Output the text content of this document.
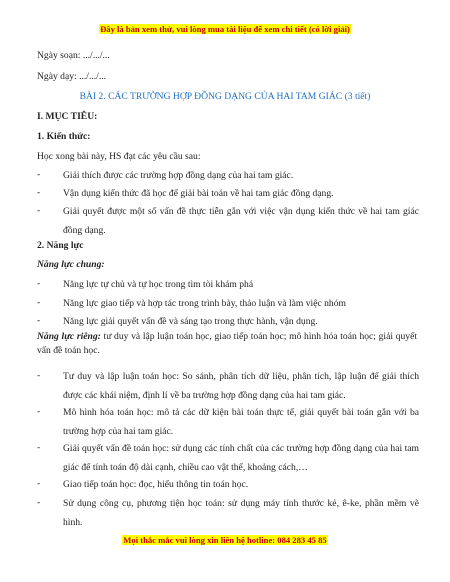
Đây là bản xem thử, vui lòng mua tài liệu để xem chi tiết (có lời giải)
Ngày soạn: .../.../...
Ngày dạy: .../.../...
BÀI 2. CÁC TRƯỜNG HỢP ĐỒNG DẠNG CỦA HAI TAM GIÁC (3 tiết)
I. MỤC TIÊU:
1. Kiến thức:
Học xong bài này, HS đạt các yêu cầu sau:
-	Giải thích được các trường hợp đồng dạng của hai tam giác.
-	Vận dụng kiến thức đã học để giải bài toán về hai tam giác đồng dạng.
-	Giải quyết được một số vấn đề thực tiễn gắn với việc vận dụng kiến thức về hai tam giác đồng dạng.
2. Năng lực
Năng lực chung:
-	Năng lực tự chủ và tự học trong tìm tòi khám phá
-	Năng lực giao tiếp và hợp tác trong trình bày, thảo luận và làm việc nhóm
-	Năng lực giải quyết vấn đề và sáng tạo trong thực hành, vận dụng.
Năng lực riêng: tư duy và lập luận toán học, giao tiếp toán học; mô hình hóa toán học; giải quyết vấn đề toán học.
-	Tư duy và lập luận toán học: So sánh, phân tích dữ liệu, phân tích, lập luận để giải thích được các khái niệm, định lí về ba trường hợp đồng dạng của hai tam giác.
-	Mô hình hóa toán học: mô tả các dữ kiện bài toán thực tế, giải quyết bài toán gắn với ba trường hợp của hai tam giác.
-	Giải quyết vấn đề toán học: sử dụng các tính chất của các trường hợp đồng dạng của hai tam giác để tính toán độ dài cạnh, chiều cao vật thể, khoảng cách,…
-	Giao tiếp toán học: đọc, hiểu thông tin toán học.
-	Sử dụng công cụ, phương tiện học toán: sử dụng máy tính thước kẻ, ê-ke, phần mềm vẽ hình.
Mọi thắc mắc vui lòng xin liên hệ hotline: 084 283 45 85
